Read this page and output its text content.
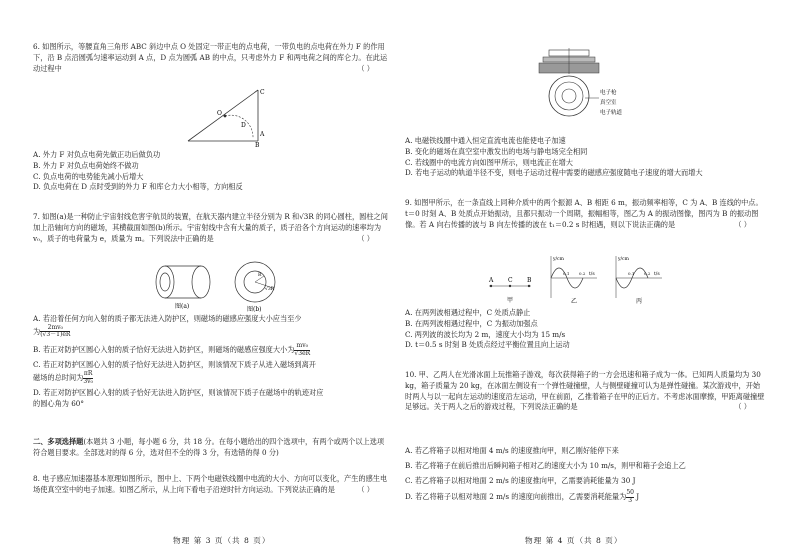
6. 如图所示，等腰直角三角形 ABC 斜边中点 O 处固定一带正电的点电荷，一带负电的点电荷在外力 F 的作用下，沿 B 点沿圆弧匀速率运动到 A 点，D 点为圆弧 AB 的中点，只考虑外力 F 和两电荷之间的库仑力。在此运动过程中	（ ）

C
O
D
A
B

A. 外力 F 对负点电荷先做正功后做负功

B. 外力 F 对负点电荷始终不做功

C. 负点电荷的电势能先减小后增大

D. 负点电荷在 D 点时受到的外力 F 和库仑力大小相等，方向相反

7. 如图(a)是一种防止宇宙射线危害宇航员的装置，在航天器内建立半径分别为 R 和√3R 的同心圆柱，圆柱之间加上沿轴向方向的磁场，其横截面如图(b)所示。宇宙射线中含有大量的质子，质子沿各个方向运动的速率均为 v₀，质子的电荷量为 e，质量为 m。下列说法中正确的是	（ ）

图(a)
R
√3R
图(b)

A. 若沿着任何方向入射的质子都无法进入防护区，则磁场的磁感应强度大小应当至少

为 $\frac{\text{2mv₀}}{(√3-1)eR}$

B. 若正对防护区圆心入射的质子恰好无法进入防护区，则磁场的磁感应强度大小为 $\frac{\text{mv₀}}{√3eR}$

C. 若正对防护区圆心入射的质子恰好无法进入防护区，则该情况下质子从进入磁场到离开

磁场的总时间为 $\frac{\pi R}{\text{3v₀}}$

D. 若正对防护区圆心入射的质子恰好无法进入防护区，则该情况下质子在磁场中的轨迹对应

的圆心角为 60°

二、多项选择题(本题共 3 小题，每小题 6 分，共 18 分。在每小题给出的四个选项中，有两个或两个以上选项符合题目要求。全部选对的得 6 分，选对但不全的得 3 分，有选错的得 0 分)

8. 电子感应加速器基本原理如图所示，图中上、下两个电磁铁线圈中电流的大小、方向可以变化，产生的感生电场使真空室中的电子加速。如图乙所示，从上向下看电子沿逆时针方向运动。下列说法正确的是	（ ）

物理 第 3 页（共 8 页）
电子枪
真空室
电子轨道

A. 电磁铁线圈中通入恒定直流电流也能使电子加速

B. 变化的磁场在真空室中激发出的电场与静电场完全相同

C. 若线圈中的电流方向如图甲所示，则电流正在增大

D. 若电子运动的轨道半径不变，则电子运动过程中需要的磁感应强度随电子速度的增大而增大

9. 如图甲所示，在一条直线上同种介质中的两个振源 A、B 相距 6 m，振动频率相等，C 为 A、B 连线的中点。t＝0 时刻 A、B 处质点开始振动，且都只振动一个周期，振幅相等，图乙为 A 的振动图像，图丙为 B 的振动图像。若 A 向右传播的波与 B 向左传播的波在 t₁＝0.2 s 时相遇，则以下说法正确的是	（ ）

A C B
甲
y/cm
t/s
0.1 0.2
乙
y/cm
t/s
0.1 0.2
丙

A. 在两列波相遇过程中，C 处质点静止

B. 在两列波相遇过程中，C 为振动加强点

C. 两列波的波长均为 2 m，速度大小均为 15 m/s

D. t＝0.5 s 时刻 B 处质点经过平衡位置且向上运动

10. 甲、乙两人在光滑冰面上玩推箱子游戏，每次获得箱子的一方会迅速和箱子成为一体。已知两人质量均为 30 kg，箱子质量为 20 kg，在冰面左侧设有一个弹性碰撞壁，人与侧壁碰撞可认为是弹性碰撞。某次游戏中，开始时两人与以一起向左运动的速度沿左运动，甲在前面，乙推着箱子在甲的正后方。不考虑冰面摩擦，甲距离碰撞壁足够远。关于两人之后的游戏过程，下列说法正确的是	（ ）

A. 若乙将箱子以相对地面 4 m/s 的速度推向甲，则乙刚好能停下来

B. 若乙将箱子在前后推出后瞬间箱子相对乙的速度大小为 10 m/s，则甲和箱子会追上乙

C. 若乙将箱子以相对地面 2 m/s 的速度推向甲，乙需要消耗能量为 30 J

D. 若乙将箱子以相对地面 2 m/s 的速度向前推出，乙需要消耗能量为 $\frac{50}{3}$ J

物理 第 4 页（共 8 页）
